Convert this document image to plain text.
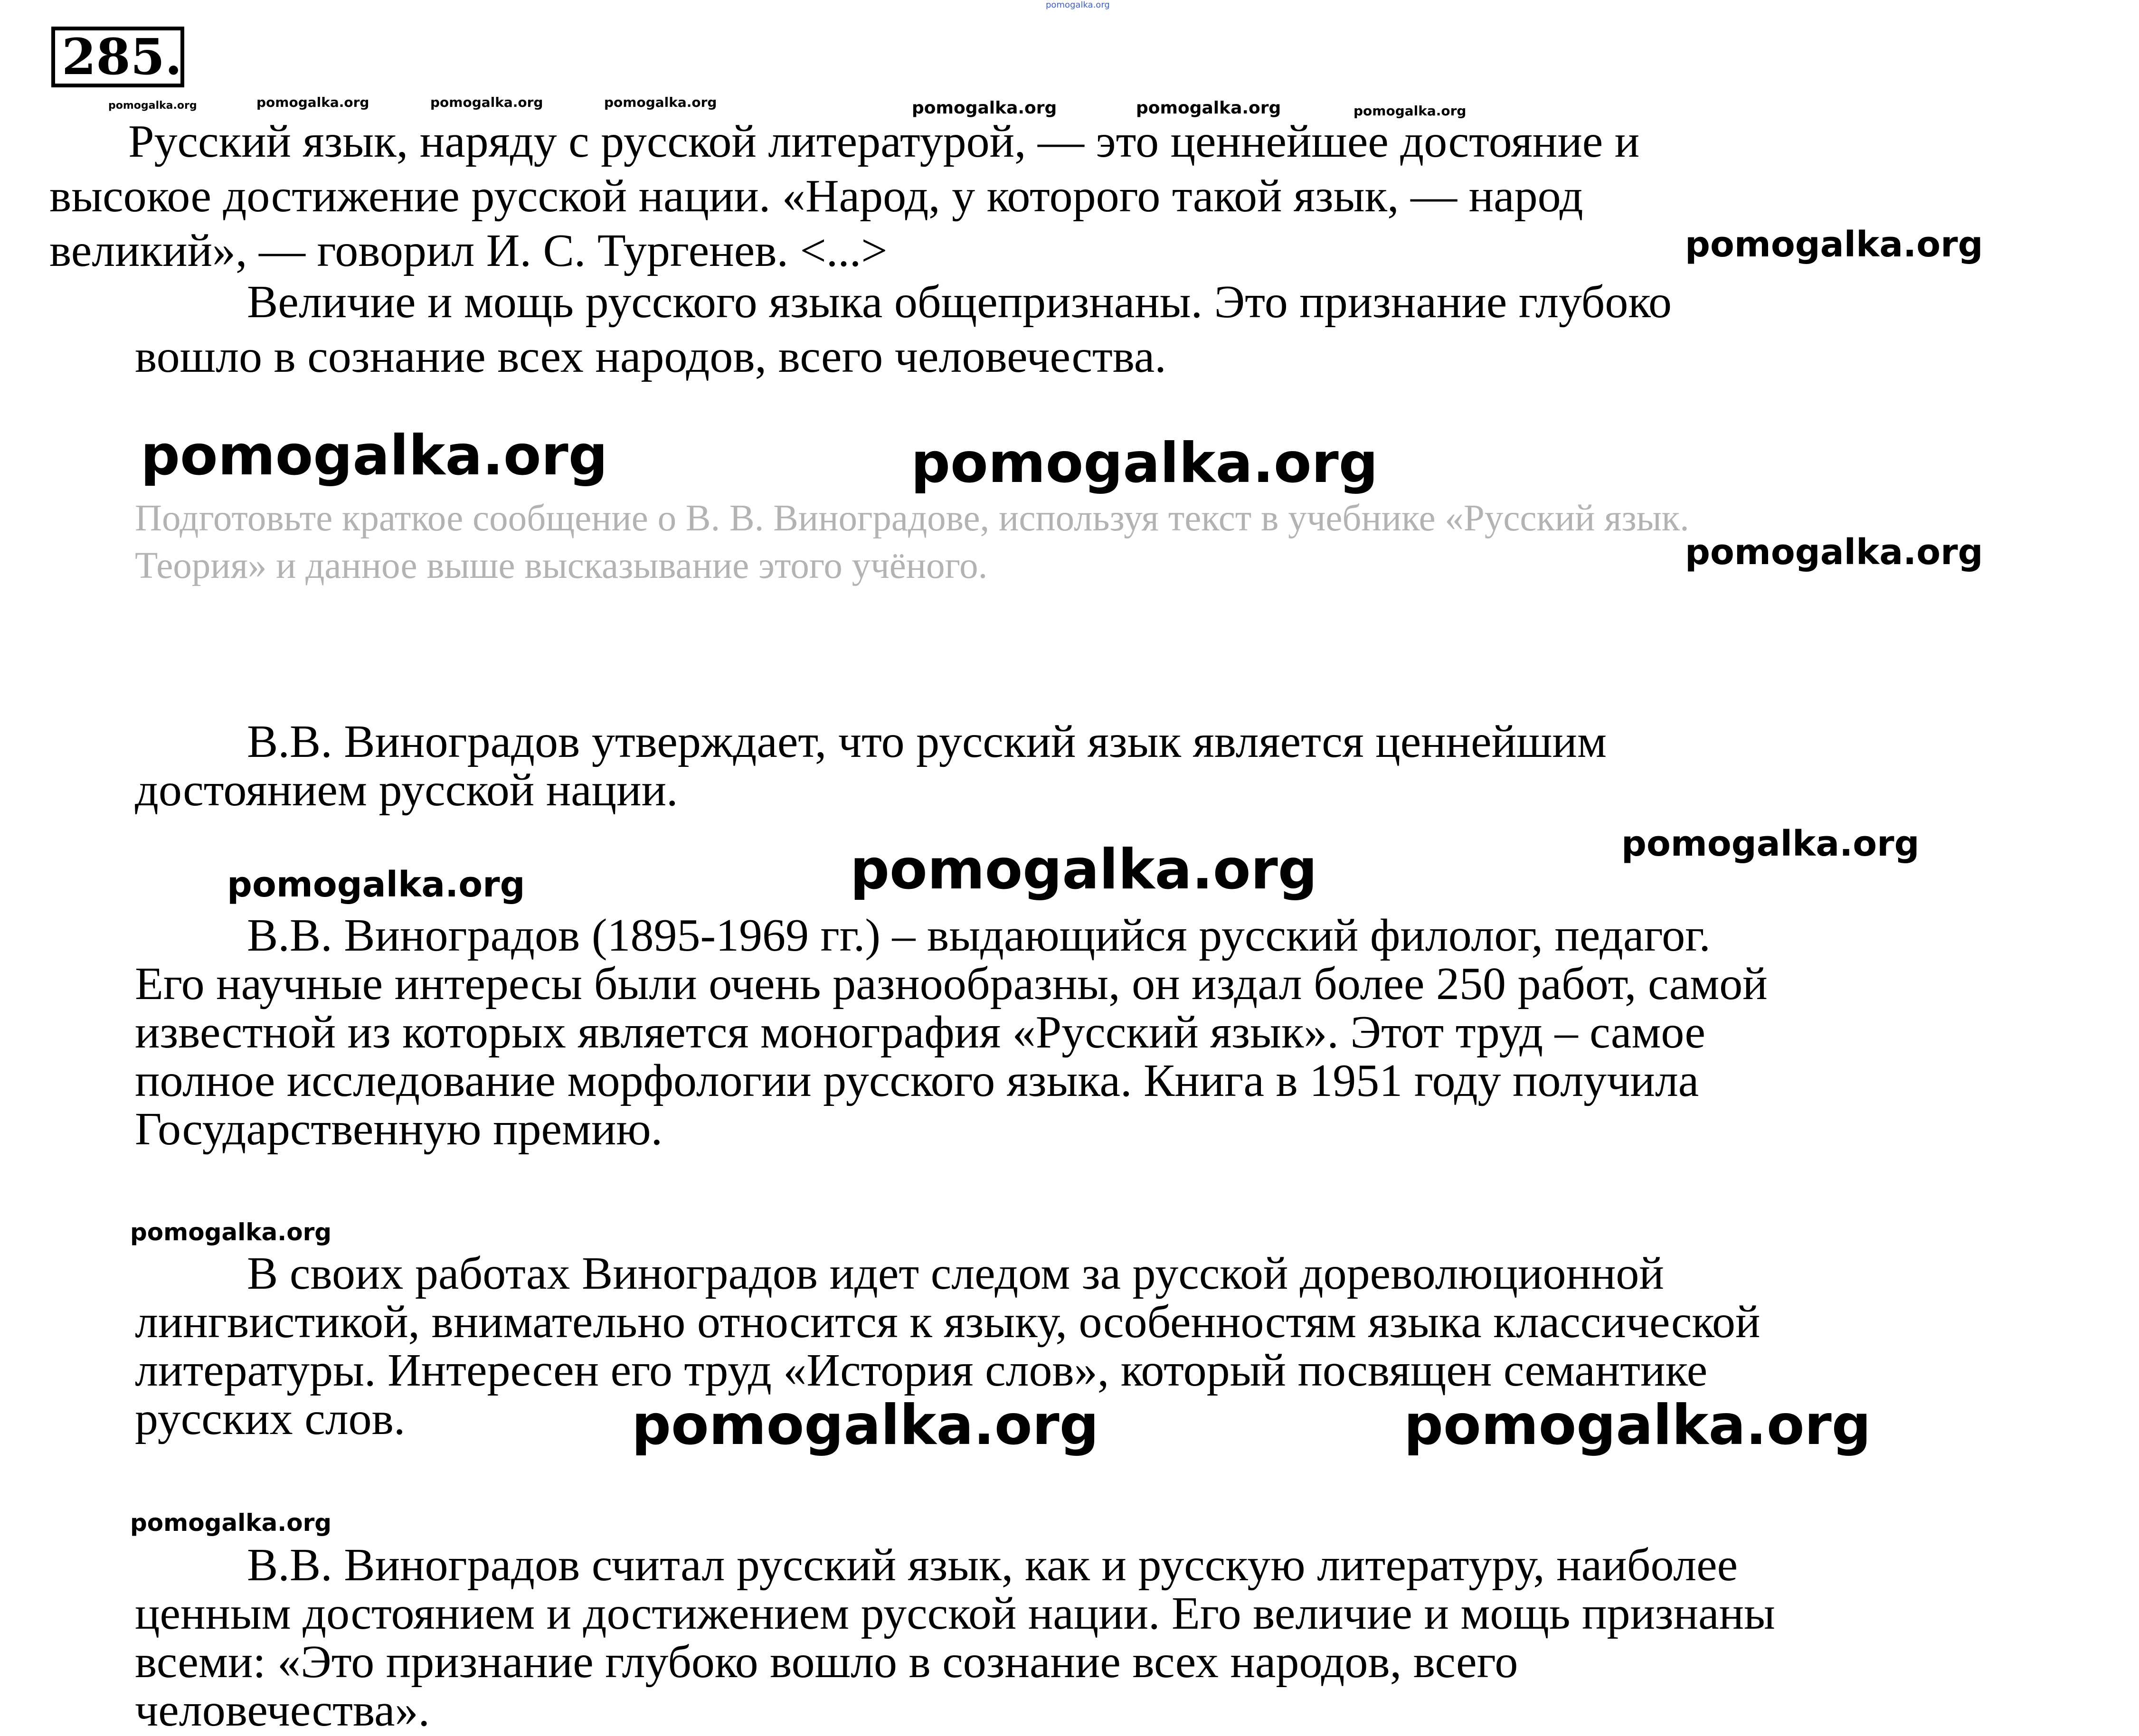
285.
Русский язык, наряду с русской литературой, — это ценнейшее достояние и
высокое достижение русской нации. «Народ, у которого такой язык, — народ
великий», — говорил И. С. Тургенев. <...>
Величие и мощь русского языка общепризнаны. Это признание глубоко
вошло в сознание всех народов, всего человечества.
Подготовьте краткое сообщение о В. В. Виноградове, используя текст в учебнике «Русский язык.
Теория» и данное выше высказывание этого учёного.
В.В. Виноградов утверждает, что русский язык является ценнейшим
достоянием русской нации.
В.В. Виноградов (1895-1969 гг.) – выдающийся русский филолог, педагог.
Его научные интересы были очень разнообразны, он издал более 250 работ, самой
известной из которых является монография «Русский язык». Этот труд – самое
полное исследование морфологии русского языка. Книга в 1951 году получила
Государственную премию.
В своих работах Виноградов идет следом за русской дореволюционной
лингвистикой, внимательно относится к языку, особенностям языка классической
литературы. Интересен его труд «История слов», который посвящен семантике
русских слов.
В.В. Виноградов считал русский язык, как и русскую литературу, наиболее
ценным достоянием и достижением русской нации. Его величие и мощь признаны
всеми: «Это признание глубоко вошло в сознание всех народов, всего
человечества».
pomogalka.org
pomogalka.org	pomogalka.org	pomogalka.org	pomogalka.org	pomogalka.org	pomogalka.org	pomogalka.org
pomogalka.org
pomogalka.org	pomogalka.org
pomogalka.org
pomogalka.org
pomogalka.org
pomogalka.org
pomogalka.org
pomogalka.org	pomogalka.org
pomogalka.org
